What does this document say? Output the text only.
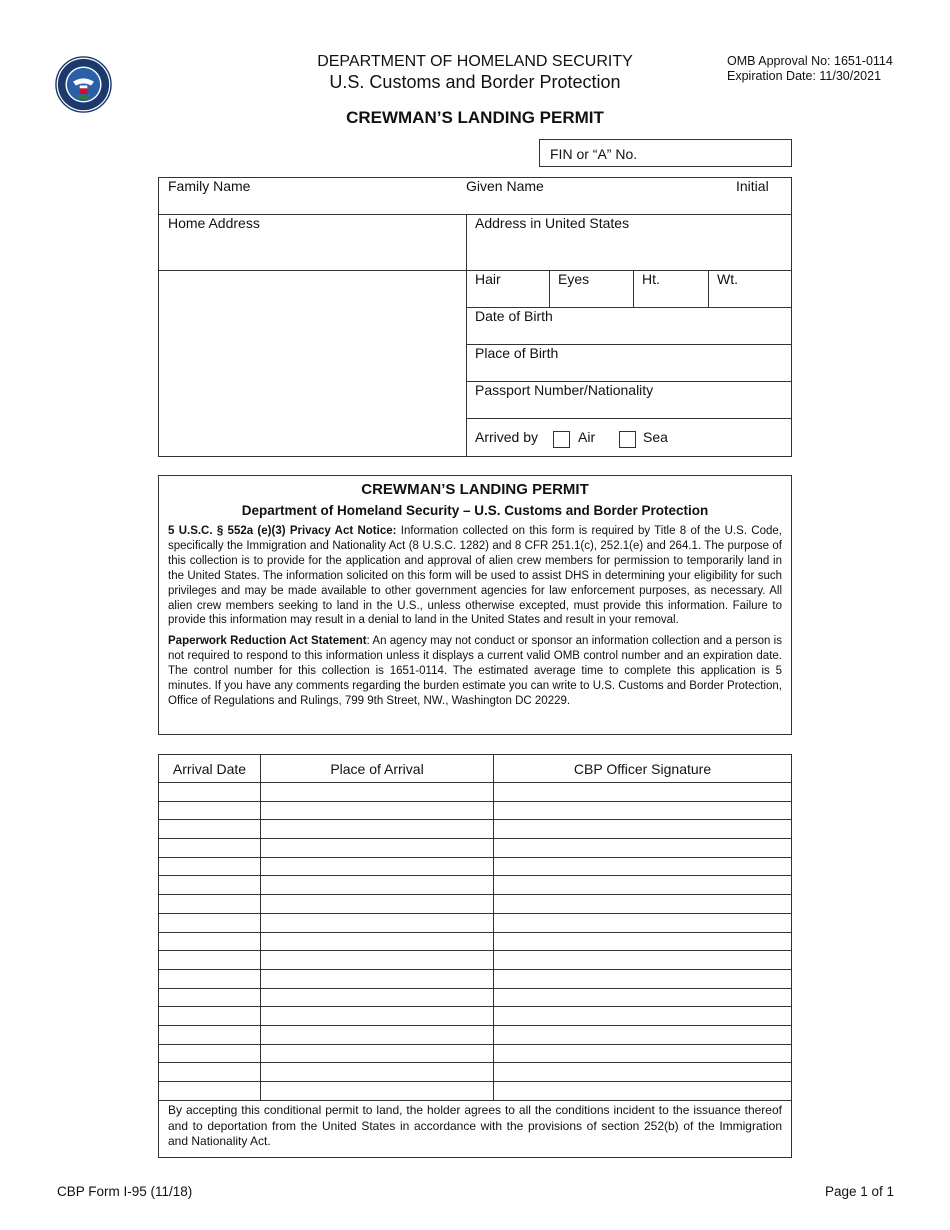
DEPARTMENT OF HOMELAND SECURITY
U.S. Customs and Border Protection
OMB Approval No: 1651-0114
Expiration Date: 11/30/2021
CREWMAN’S LANDING PERMIT
FIN or “A” No.
Family Name	Given Name	Initial
Home Address	Address in United States
Hair	Eyes	Ht.	Wt.
Date of Birth
Place of Birth
Passport Number/Nationality
Arrived by	Air	Sea
CREWMAN’S LANDING PERMIT
Department of Homeland Security – U.S. Customs and Border Protection

5 U.S.C. § 552a (e)(3) Privacy Act Notice: Information collected on this form is required by Title 8 of the U.S. Code, specifically the Immigration and Nationality Act (8 U.S.C. 1282) and 8 CFR 251.1(c), 252.1(e) and 264.1. The purpose of this collection is to provide for the application and approval of alien crew members for permission to temporarily land in the United States. The information solicited on this form will be used to assist DHS in determining your eligibility for such privileges and may be made available to other government agencies for law enforcement purposes, as necessary. All alien crew members seeking to land in the U.S., unless otherwise excepted, must provide this information. Failure to provide this information may result in a denial to land in the United States and result in your removal.

Paperwork Reduction Act Statement: An agency may not conduct or sponsor an information collection and a person is not required to respond to this information unless it displays a current valid OMB control number and an expiration date. The control number for this collection is 1651-0114. The estimated average time to complete this application is 5 minutes. If you have any comments regarding the burden estimate you can write to U.S. Customs and Border Protection, Office of Regulations and Rulings, 799 9th Street, NW., Washington DC 20229.

Arrival Date	Place of Arrival	CBP Officer Signature

By accepting this conditional permit to land, the holder agrees to all the conditions incident to the issuance thereof and to deportation from the United States in accordance with the provisions of section 252(b) of the Immigration and Nationality Act.
CBP Form I-95 (11/18)	Page 1 of 1
